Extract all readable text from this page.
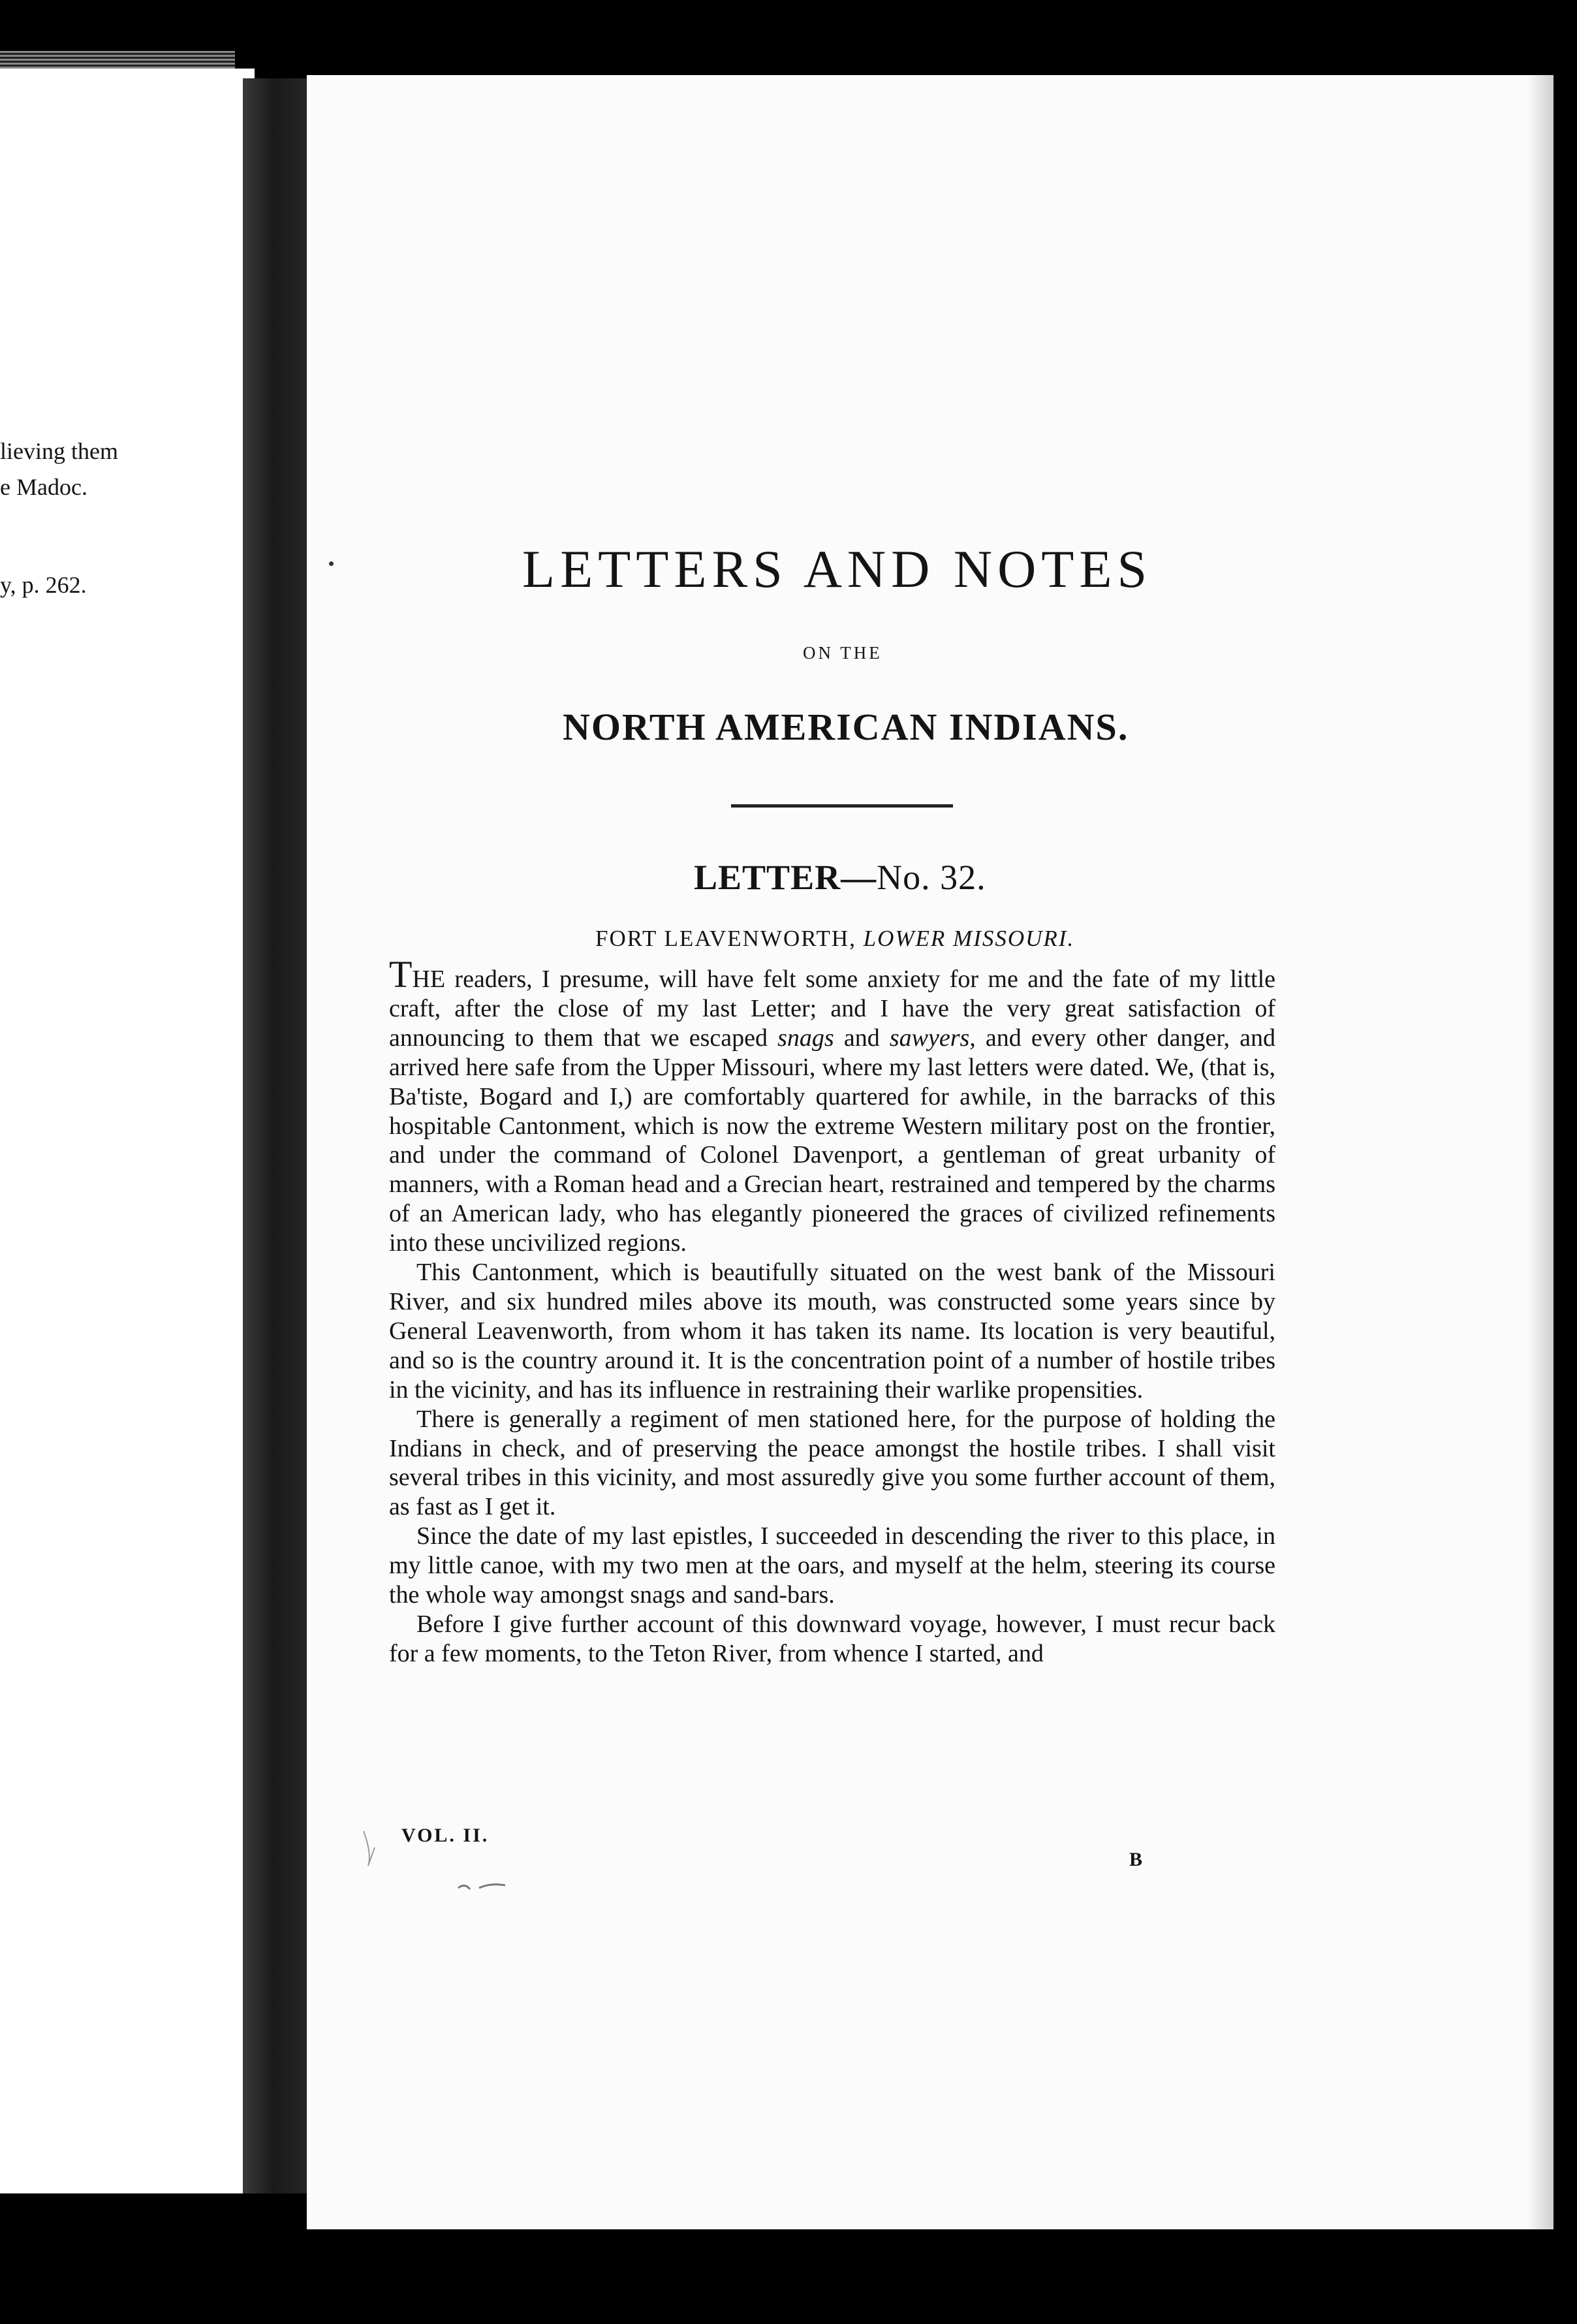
lieving them
e Madoc.
y, p. 262.	LETTERS AND NOTES
ON THE
NORTH AMERICAN INDIANS.
LETTER—No. 32.
FORT LEAVENWORTH, LOWER MISSOURI.

THE readers, I presume, will have felt some anxiety for me and the fate of my little craft, after the close of my last Letter; and I have the very great satisfaction of announcing to them that we escaped snags and sawyers, and every other danger, and arrived here safe from the Upper Missouri, where my last letters were dated. We, (that is, Ba'tiste, Bogard and I,) are comfortably quartered for awhile, in the barracks of this hospitable Cantonment, which is now the extreme Western military post on the frontier, and under the command of Colonel Davenport, a gentleman of great urbanity of manners, with a Roman head and a Grecian heart, restrained and tempered by the charms of an American lady, who has elegantly pioneered the graces of civilized refinements into these uncivilized regions.

This Cantonment, which is beautifully situated on the west bank of the Missouri River, and six hundred miles above its mouth, was constructed some years since by General Leavenworth, from whom it has taken its name. Its location is very beautiful, and so is the country around it. It is the concentration point of a number of hostile tribes in the vicinity, and has its influence in restraining their warlike propensities.

There is generally a regiment of men stationed here, for the purpose of holding the Indians in check, and of preserving the peace amongst the hostile tribes. I shall visit several tribes in this vicinity, and most assuredly give you some further account of them, as fast as I get it.

Since the date of my last epistles, I succeeded in descending the river to this place, in my little canoe, with my two men at the oars, and myself at the helm, steering its course the whole way amongst snags and sand-bars.

Before I give further account of this downward voyage, however, I must recur back for a few moments, to the Teton River, from whence I started, and

VOL. II.
B
